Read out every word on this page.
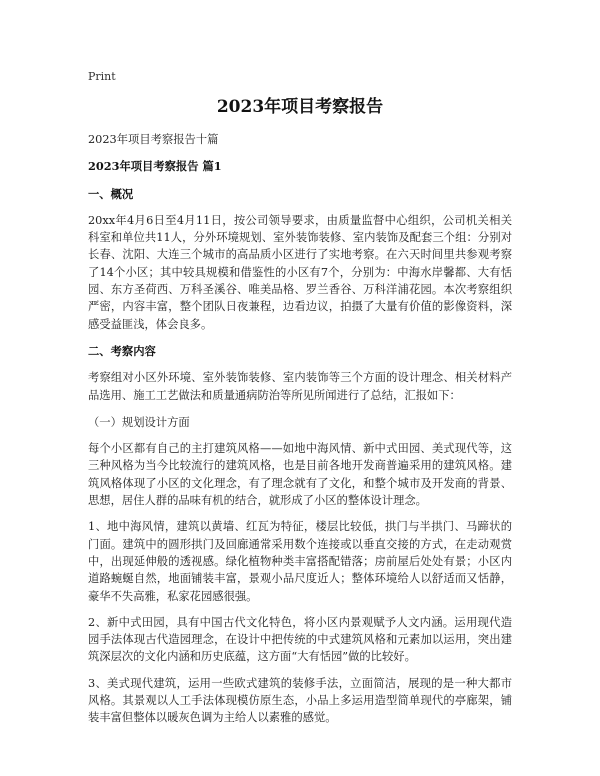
Print
2023年项目考察报告

2023年项目考察报告十篇

2023年项目考察报告 篇1

一、概况

20xx年4月6日至4月11日，按公司领导要求，由质量监督中心组织，公司机关相关科室和单位共11人，分外环境规划、室外装饰装修、室内装饰及配套三个组：分别对长春、沈阳、大连三个城市的高品质小区进行了实地考察。在六天时间里共参观考察了14个小区；其中较具规模和借鉴性的小区有7个，分别为：中海水岸馨都、大有恬园、东方圣荷西、万科圣溪谷、唯美品格、罗兰香谷、万科洋浦花园。本次考察组织严密，内容丰富，整个团队日夜兼程，边看边议，拍摄了大量有价值的影像资料，深感受益匪浅，体会良多。

二、考察内容

考察组对小区外环境、室外装饰装修、室内装饰等三个方面的设计理念、相关材料产品选用、施工工艺做法和质量通病防治等所见所闻进行了总结，汇报如下：

（一）规划设计方面

每个小区都有自己的主打建筑风格——如地中海风情、新中式田园、美式现代等，这三种风格为当今比较流行的建筑风格，也是目前各地开发商普遍采用的建筑风格。建筑风格体现了小区的文化理念，有了理念就有了文化，和整个城市及开发商的背景、思想，居住人群的品味有机的结合，就形成了小区的整体设计理念。

1、地中海风情，建筑以黄墙、红瓦为特征，楼层比较低，拱门与半拱门、马蹄状的门面。建筑中的圆形拱门及回廊通常采用数个连接或以垂直交接的方式，在走动观赏中，出现延伸般的透视感。绿化植物种类丰富搭配错落；房前屋后处处有景；小区内道路蜿蜒自然，地面铺装丰富，景观小品尺度近人；整体环境给人以舒适而又恬静，豪华不失高雅，私家花园感很强。

2、新中式田园，具有中国古代文化特色，将小区内景观赋予人文内涵。运用现代造园手法体现古代造园理念，在设计中把传统的中式建筑风格和元素加以运用，突出建筑深层次的文化内涵和历史底蕴，这方面“大有恬园”做的比较好。

3、美式现代建筑，运用一些欧式建筑的装修手法，立面简洁，展现的是一种大都市风格。其景观以人工手法体现模仿原生态，小品上多运用造型简单现代的亭廊架，铺装丰富但整体以暖灰色调为主给人以素雅的感觉。
